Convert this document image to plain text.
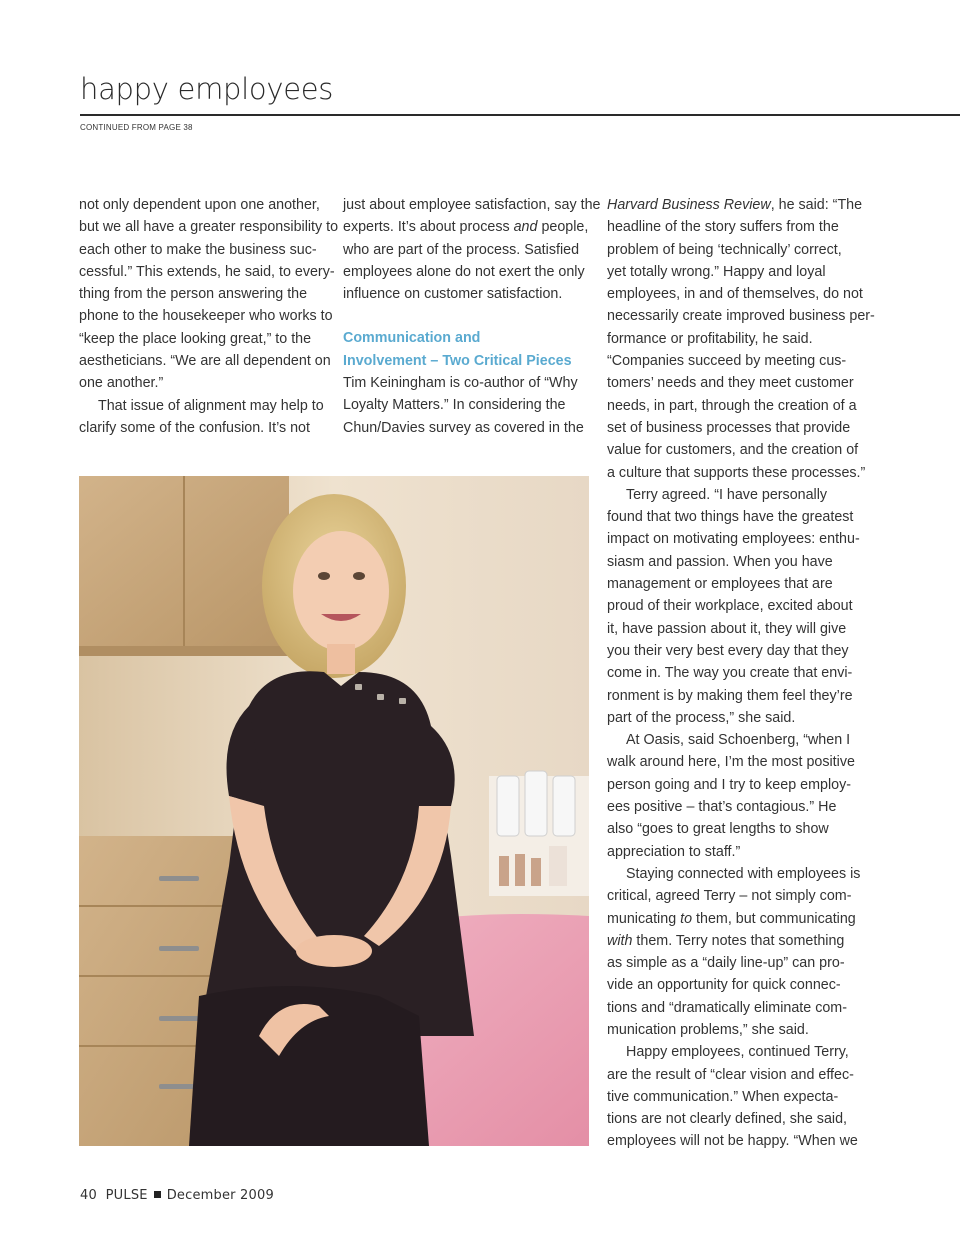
happy employees
CONTINUED FROM PAGE 38

not only dependent upon one another,
but we all have a greater responsibility to
each other to make the business suc-
cessful.” This extends, he said, to every-
thing from the person answering the
phone to the housekeeper who works to
“keep the place looking great,” to the
aestheticians. “We are all dependent on
one another.”

That issue of alignment may help to
clarify some of the confusion. It’s not

just about employee satisfaction, say the
experts. It’s about process and people,
who are part of the process. Satisfied
employees alone do not exert the only
influence on customer satisfaction.

Communication and
Involvement – Two Critical Pieces

Tim Keiningham is co-author of “Why
Loyalty Matters.” In considering the
Chun/Davies survey as covered in the

Harvard Business Review, he said: “The
headline of the story suffers from the
problem of being ‘technically’ correct,
yet totally wrong.” Happy and loyal
employees, in and of themselves, do not
necessarily create improved business per-
formance or profitability, he said.
“Companies succeed by meeting cus-
tomers’ needs and they meet customer
needs, in part, through the creation of a
set of business processes that provide
value for customers, and the creation of
a culture that supports these processes.”

Terry agreed. “I have personally
found that two things have the greatest
impact on motivating employees: enthu-
siasm and passion. When you have
management or employees that are
proud of their workplace, excited about
it, have passion about it, they will give
you their very best every day that they
come in. The way you create that envi-
ronment is by making them feel they’re
part of the process,” she said.

At Oasis, said Schoenberg, “when I
walk around here, I’m the most positive
person going and I try to keep employ-
ees positive – that’s contagious.” He
also “goes to great lengths to show
appreciation to staff.”

Staying connected with employees is
critical, agreed Terry – not simply com-
municating to them, but communicating
with them. Terry notes that something
as simple as a “daily line-up” can pro-
vide an opportunity for quick connec-
tions and “dramatically eliminate com-
munication problems,” she said.

Happy employees, continued Terry,
are the result of “clear vision and effec-
tive communication.” When expecta-
tions are not clearly defined, she said,
employees will not be happy. “When we

40 PULSE December 2009
